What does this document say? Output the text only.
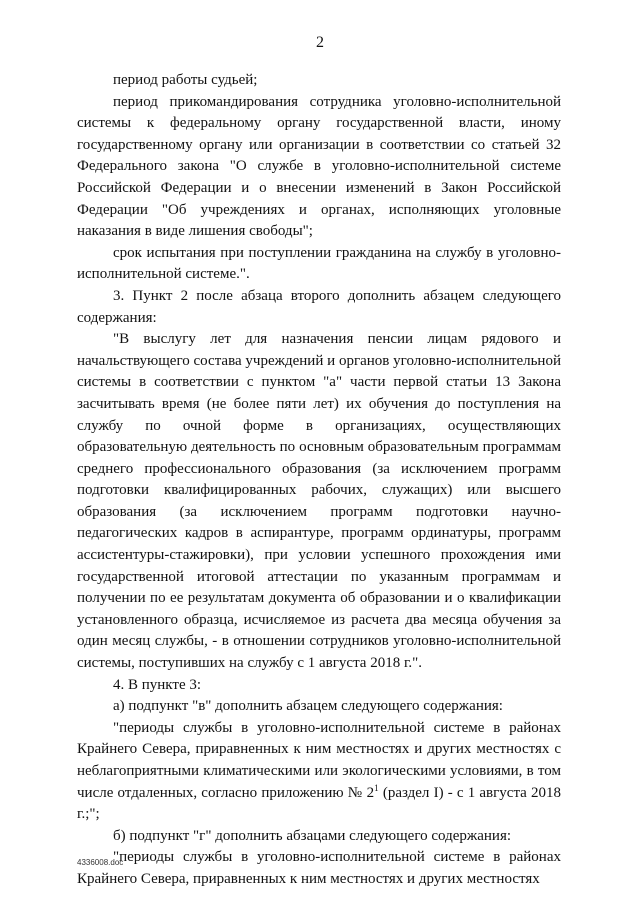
2

период работы судьей;

период прикомандирования сотрудника уголовно-исполнительной системы к федеральному органу государственной власти, иному государственному органу или организации в соответствии со статьей 32 Федерального закона "О службе в уголовно-исполнительной системе Российской Федерации и о внесении изменений в Закон Российской Федерации "Об учреждениях и органах, исполняющих уголовные наказания в виде лишения свободы";

срок испытания при поступлении гражданина на службу в уголовно-исполнительной системе.".

3. Пункт 2 после абзаца второго дополнить абзацем следующего содержания:

"В выслугу лет для назначения пенсии лицам рядового и начальствующего состава учреждений и органов уголовно-исполнительной системы в соответствии с пунктом "а" части первой статьи 13 Закона засчитывать время (не более пяти лет) их обучения до поступления на службу по очной форме в организациях, осуществляющих образовательную деятельность по основным образовательным программам среднего профессионального образования (за исключением программ подготовки квалифицированных рабочих, служащих) или высшего образования (за исключением программ подготовки научно-педагогических кадров в аспирантуре, программ ординатуры, программ ассистентуры-стажировки), при условии успешного прохождения ими государственной итоговой аттестации по указанным программам и получении по ее результатам документа об образовании и о квалификации установленного образца, исчисляемое из расчета два месяца обучения за один месяц службы, - в отношении сотрудников уголовно-исполнительной системы, поступивших на службу с 1 августа 2018 г.".

4. В пункте 3:

а) подпункт "в" дополнить абзацем следующего содержания:

"периоды службы в уголовно-исполнительной системе в районах Крайнего Севера, приравненных к ним местностях и других местностях с неблагоприятными климатическими или экологическими условиями, в том числе отдаленных, согласно приложению № $2^1$ (раздел I) - с 1 августа 2018 г.;";

б) подпункт "г" дополнить абзацами следующего содержания:

"периоды службы в уголовно-исполнительной системе в районах Крайнего Севера, приравненных к ним местностях и других местностях

4336008.doc
